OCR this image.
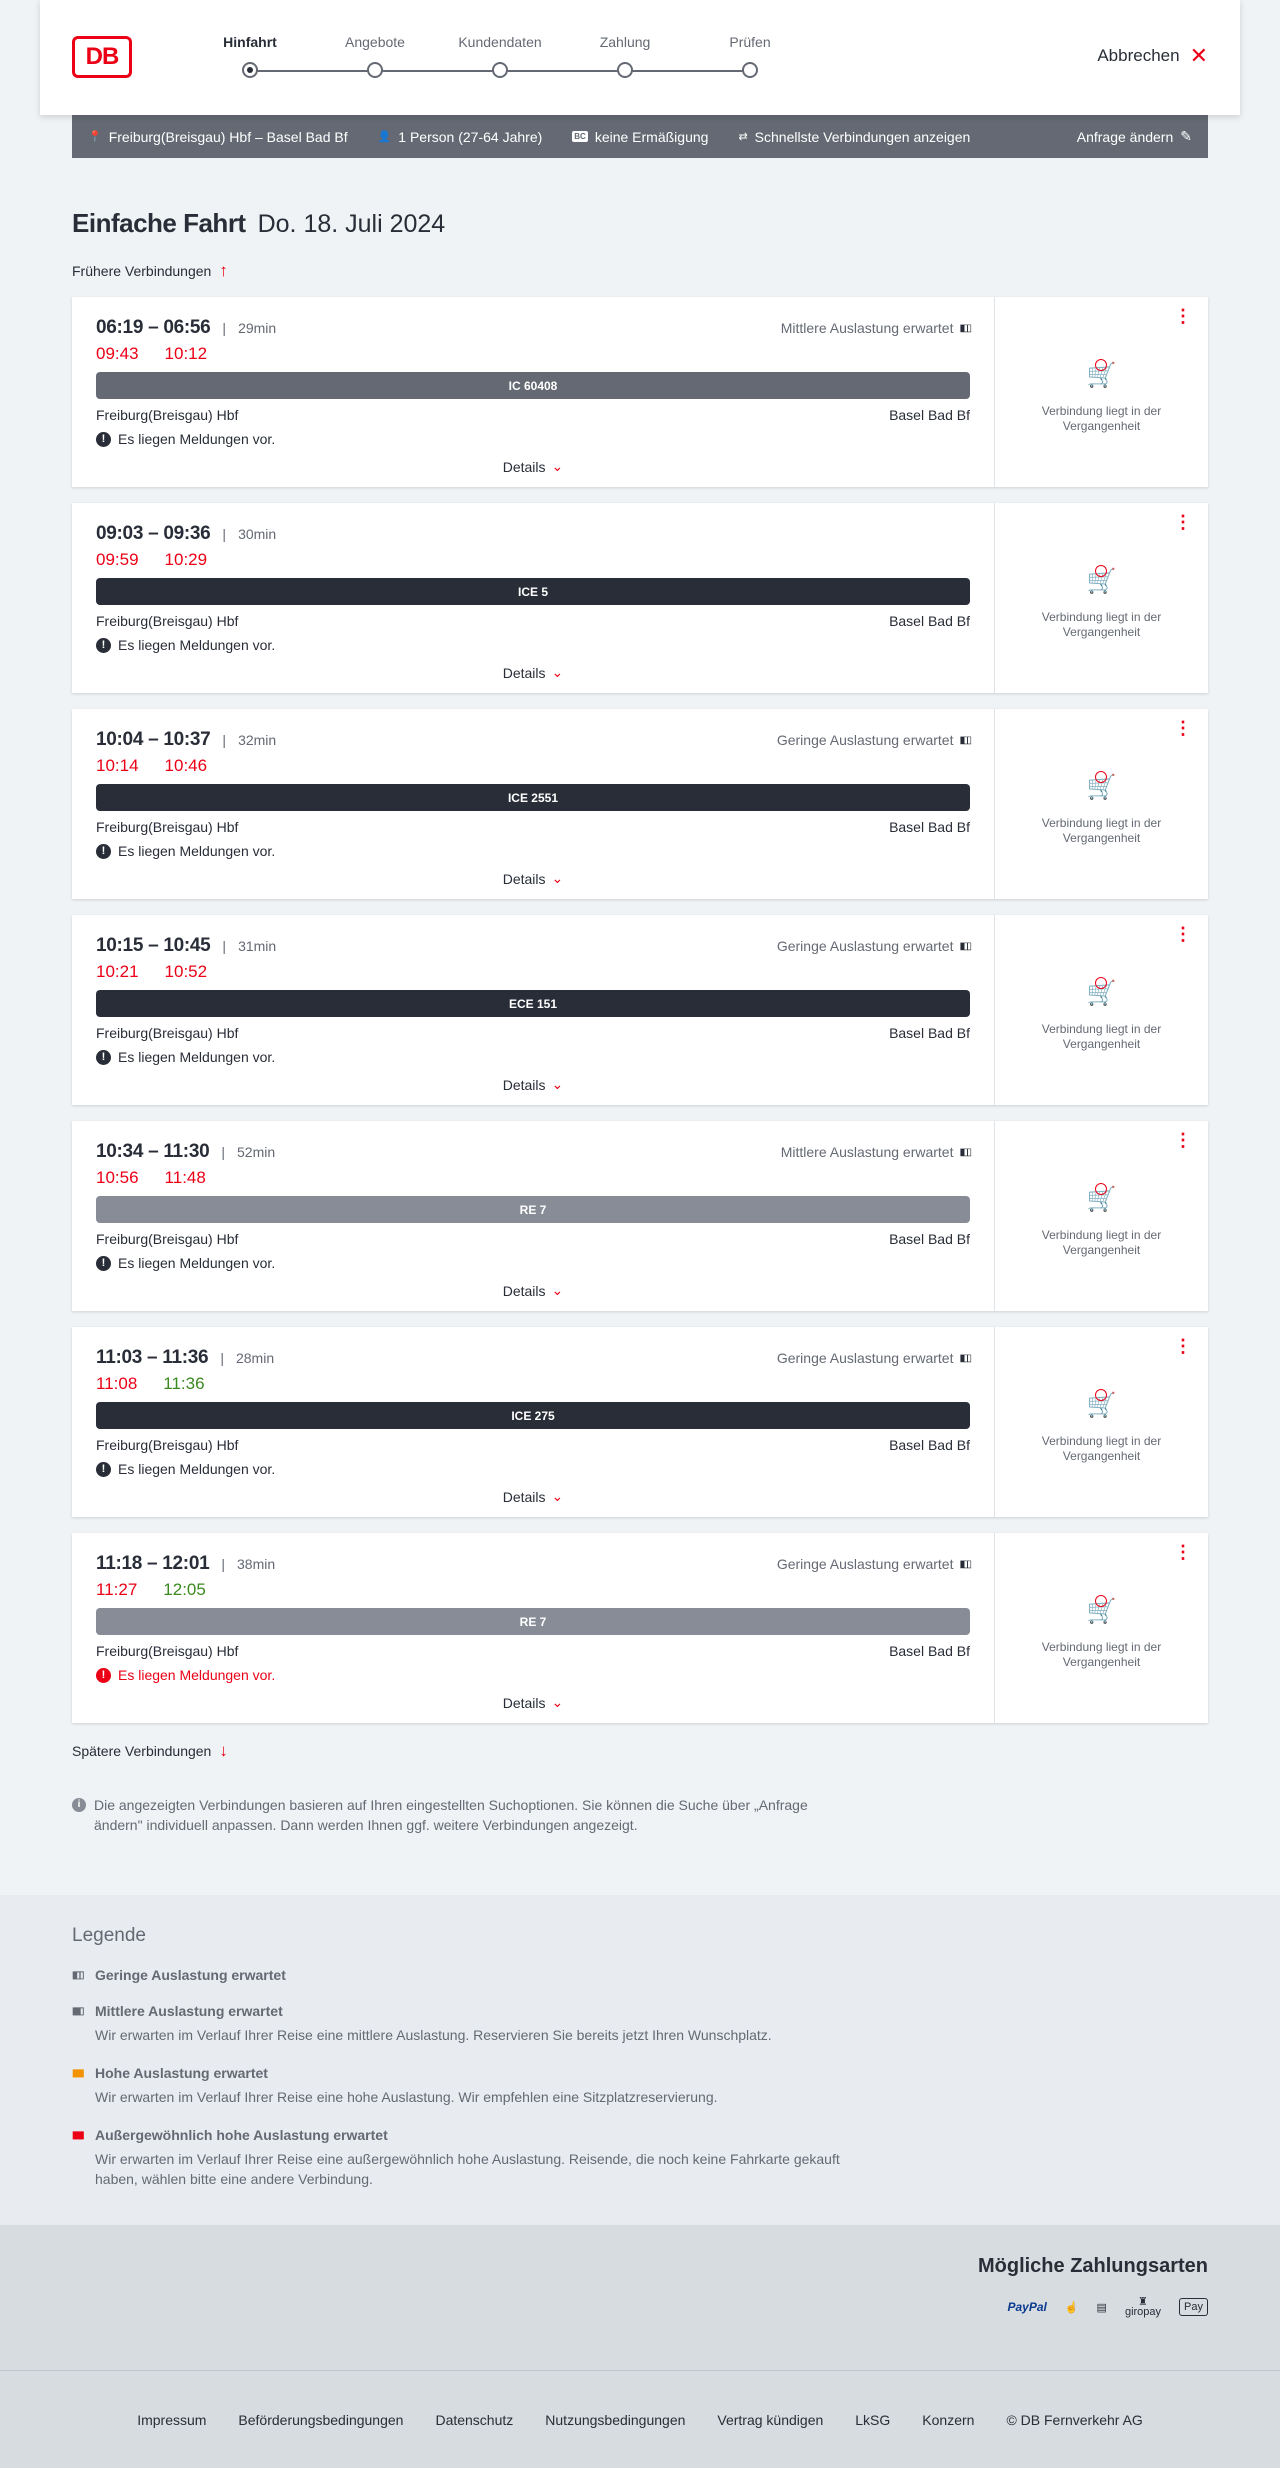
DB
Hinfahrt	Angebote	Kundendaten	Zahlung	Prüfen
Abbrechen ✕
📍 Freiburg(Breisgau) Hbf – Basel Bad Bf	👤 1 Person (27-64 Jahre)	BC keine Ermäßigung	⇄ Schnellste Verbindungen anzeigen	Anfrage ändern ✎
Einfache Fahrt Do. 18. Juli 2024
Frühere Verbindungen ↑
06:19 – 06:56 | 29min	Mittlere Auslastung erwartet ▮▯▯
09:43 10:12
IC 60408
Freiburg(Breisgau) Hbf	Basel Bad Bf
! Es liegen Meldungen vor.
Details ⌄
⋮
🛒
Verbindung liegt in der Vergangenheit
09:03 – 09:36 | 30min
09:59 10:29
ICE 5
Freiburg(Breisgau) Hbf	Basel Bad Bf
! Es liegen Meldungen vor.
Details ⌄
⋮
🛒
Verbindung liegt in der Vergangenheit
10:04 – 10:37 | 32min	Geringe Auslastung erwartet ▮▯▯
10:14 10:46
ICE 2551
Freiburg(Breisgau) Hbf	Basel Bad Bf
! Es liegen Meldungen vor.
Details ⌄
⋮
🛒
Verbindung liegt in der Vergangenheit
10:15 – 10:45 | 31min	Geringe Auslastung erwartet ▮▯▯
10:21 10:52
ECE 151
Freiburg(Breisgau) Hbf	Basel Bad Bf
! Es liegen Meldungen vor.
Details ⌄
⋮
🛒
Verbindung liegt in der Vergangenheit
10:34 – 11:30 | 52min	Mittlere Auslastung erwartet ▮▯▯
10:56 11:48
RE 7
Freiburg(Breisgau) Hbf	Basel Bad Bf
! Es liegen Meldungen vor.
Details ⌄
⋮
🛒
Verbindung liegt in der Vergangenheit
11:03 – 11:36 | 28min	Geringe Auslastung erwartet ▮▯▯
11:08 11:36
ICE 275
Freiburg(Breisgau) Hbf	Basel Bad Bf
! Es liegen Meldungen vor.
Details ⌄
⋮
🛒
Verbindung liegt in der Vergangenheit
11:18 – 12:01 | 38min	Geringe Auslastung erwartet ▮▯▯
11:27 12:05
RE 7
Freiburg(Breisgau) Hbf	Basel Bad Bf
! Es liegen Meldungen vor.
Details ⌄
⋮
🛒
Verbindung liegt in der Vergangenheit
Spätere Verbindungen ↓
i Die angezeigten Verbindungen basieren auf Ihren eingestellten Suchoptionen. Sie können die Suche über „Anfrage ändern" individuell anpassen. Dann werden Ihnen ggf. weitere Verbindungen angezeigt.
Legende
▮▯▯ Geringe Auslastung erwartet
▮▮▯ Mittlere Auslastung erwartet
Wir erwarten im Verlauf Ihrer Reise eine mittlere Auslastung. Reservieren Sie bereits jetzt Ihren Wunschplatz.
▮▮▮ Hohe Auslastung erwartet
Wir erwarten im Verlauf Ihrer Reise eine hohe Auslastung. Wir empfehlen eine Sitzplatzreservierung.
▮▮▮ Außergewöhnlich hohe Auslastung erwartet
Wir erwarten im Verlauf Ihrer Reise eine außergewöhnlich hohe Auslastung. Reisende, die noch keine Fahrkarte gekauft haben, wählen bitte eine andere Verbindung.
Mögliche Zahlungsarten
PayPal ☝ ▤	♜
giropay	Pay
Impressum Beförderungsbedingungen Datenschutz Nutzungsbedingungen Vertrag kündigen LkSG Konzern © DB Fernverkehr AG
